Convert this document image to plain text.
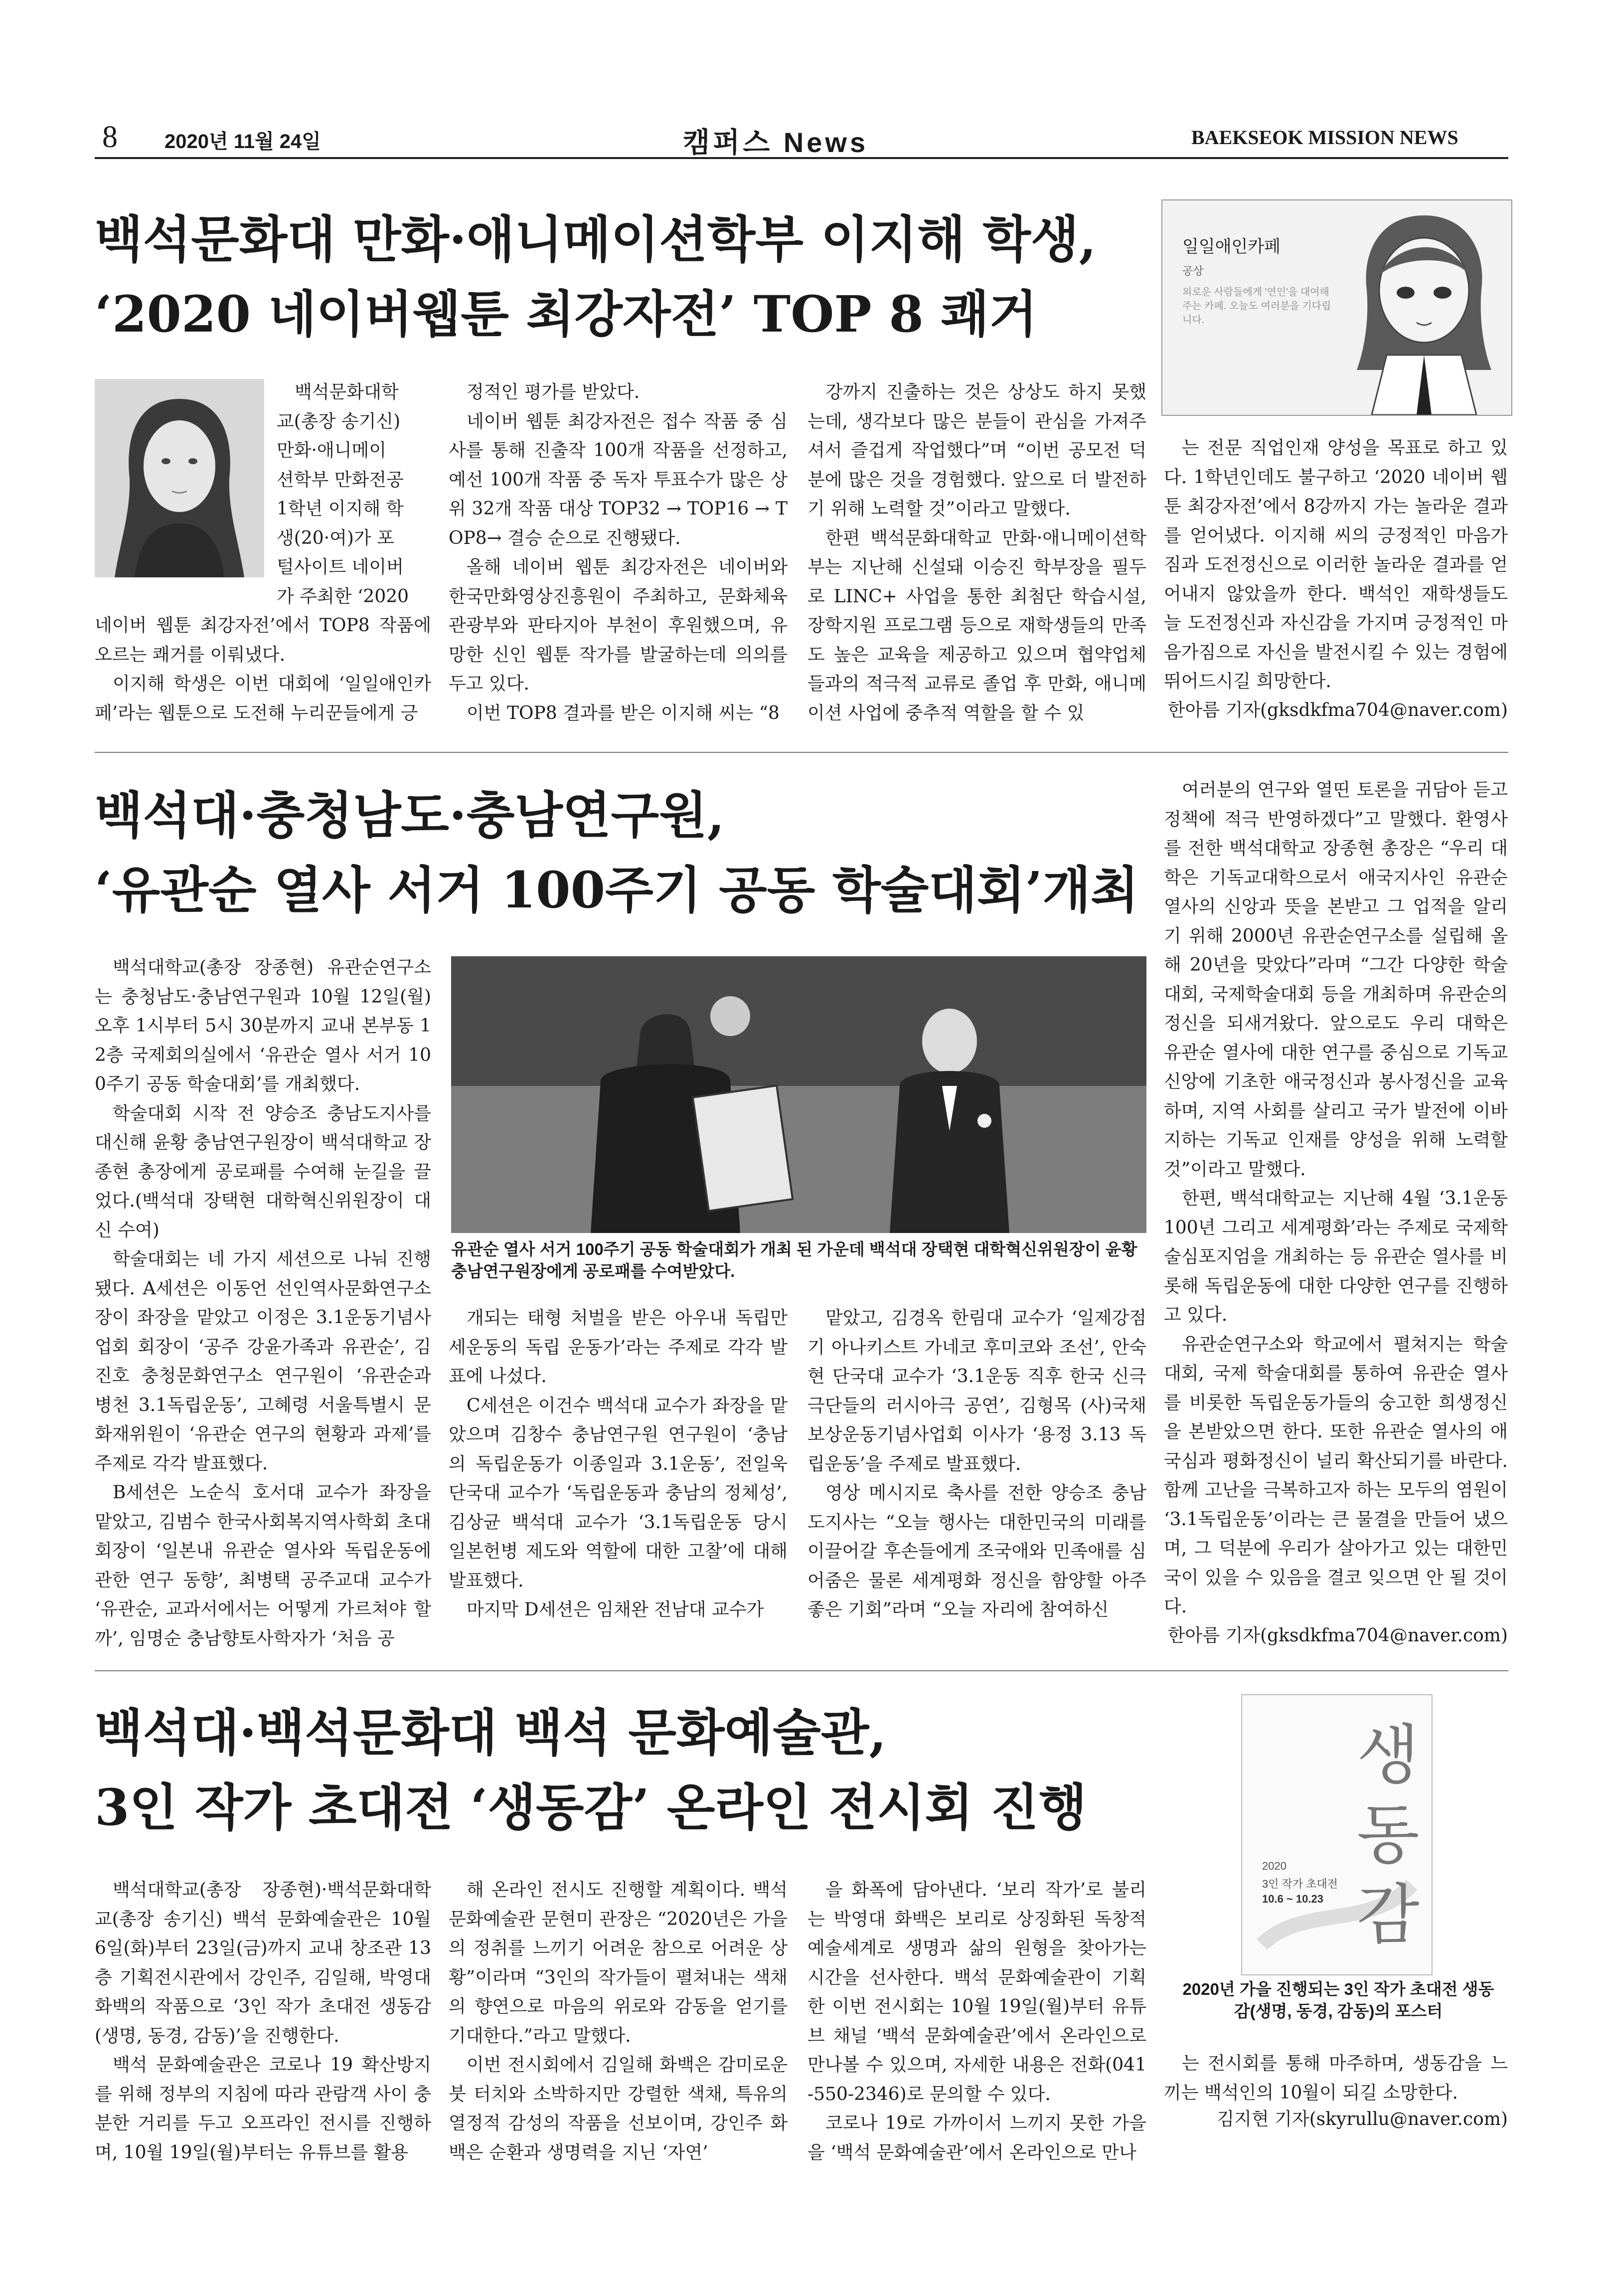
8 2020년 11월 24일	캠퍼스 News	BAEKSEOK MISSION NEWS
백석문화대 만화·애니메이션학부 이지해 학생,
‘2020 네이버웹툰 최강자전’ TOP 8 쾌거
일일애인카페
공상
외로운 사람들에게 '연인'을 대여해주는 카페. 오늘도 여러분을 기다립니다.
백석문화대학
교(총장 송기신)
만화·애니메이
션학부 만화전공
1학년 이지해 학
생(20·여)가 포
털사이트 네이버
가 주최한 ‘2020
네이버 웹툰 최강자전’에서 TOP8 작품에 오르는 쾌거를 이뤄냈다.

이지해 학생은 이번 대회에 ‘일일애인카페’라는 웹툰으로 도전해 누리꾼들에게 긍

정적인 평가를 받았다.

네이버 웹툰 최강자전은 접수 작품 중 심사를 통해 진출작 100개 작품을 선정하고, 예선 100개 작품 중 독자 투표수가 많은 상위 32개 작품 대상 TOP32 → TOP16 → TOP8→ 결승 순으로 진행됐다.

올해 네이버 웹툰 최강자전은 네이버와 한국만화영상진흥원이 주최하고, 문화체육관광부와 판타지아 부천이 후원했으며, 유망한 신인 웹툰 작가를 발굴하는데 의의를 두고 있다.

이번 TOP8 결과를 받은 이지해 씨는 “8

강까지 진출하는 것은 상상도 하지 못했는데, 생각보다 많은 분들이 관심을 가져주셔서 즐겁게 작업했다”며 “이번 공모전 덕분에 많은 것을 경험했다. 앞으로 더 발전하기 위해 노력할 것”이라고 말했다.

한편 백석문화대학교 만화·애니메이션학부는 지난해 신설돼 이승진 학부장을 필두로 LINC+ 사업을 통한 최첨단 학습시설, 장학지원 프로그램 등으로 재학생들의 만족도 높은 교육을 제공하고 있으며 협약업체들과의 적극적 교류로 졸업 후 만화, 애니메이션 사업에 중추적 역할을 할 수 있

는 전문 직업인재 양성을 목표로 하고 있다. 1학년인데도 불구하고 ‘2020 네이버 웹툰 최강자전’에서 8강까지 가는 놀라운 결과를 얻어냈다. 이지해 씨의 긍정적인 마음가짐과 도전정신으로 이러한 놀라운 결과를 얻어내지 않았을까 한다. 백석인 재학생들도 늘 도전정신과 자신감을 가지며 긍정적인 마음가짐으로 자신을 발전시킬 수 있는 경험에 뛰어드시길 희망한다.

한아름 기자(gksdkfma704@naver.com)
백석대·충청남도·충남연구원,
‘유관순 열사 서거 100주기 공동 학술대회’개최
유관순 열사 서거 100주기 공동 학술대회가 개최 된 가운데 백석대 장택현 대학혁신위원장이 윤황 충남연구원장에게 공로패를 수여받았다.

백석대학교(총장 장종현) 유관순연구소는 충청남도·충남연구원과 10월 12일(월) 오후 1시부터 5시 30분까지 교내 본부동 12층 국제회의실에서 ‘유관순 열사 서거 100주기 공동 학술대회’를 개최했다.

학술대회 시작 전 양승조 충남도지사를 대신해 윤황 충남연구원장이 백석대학교 장종현 총장에게 공로패를 수여해 눈길을 끌었다.(백석대 장택현 대학혁신위원장이 대신 수여)

학술대회는 네 가지 세션으로 나눠 진행됐다. A세션은 이동언 선인역사문화연구소장이 좌장을 맡았고 이정은 3.1운동기념사업회 회장이 ‘공주 강윤가족과 유관순’, 김진호 충청문화연구소 연구원이 ‘유관순과 병천 3.1독립운동’, 고혜령 서울특별시 문화재위원이 ‘유관순 연구의 현황과 과제’를 주제로 각각 발표했다.

B세션은 노순식 호서대 교수가 좌장을 맡았고, 김범수 한국사회복지역사학회 초대회장이 ‘일본내 유관순 열사와 독립운동에 관한 연구 동향’, 최병택 공주교대 교수가 ‘유관순, 교과서에서는 어떻게 가르쳐야 할까’, 임명순 충남향토사학자가 ‘처음 공

개되는 태형 처벌을 받은 아우내 독립만세운동의 독립 운동가’라는 주제로 각각 발표에 나섰다.

C세션은 이건수 백석대 교수가 좌장을 맡았으며 김창수 충남연구원 연구원이 ‘충남의 독립운동가 이종일과 3.1운동’, 전일욱 단국대 교수가 ‘독립운동과 충남의 정체성’, 김상균 백석대 교수가 ‘3.1독립운동 당시 일본헌병 제도와 역할에 대한 고찰’에 대해 발표했다.

마지막 D세션은 임채완 전남대 교수가

맡았고, 김경옥 한림대 교수가 ‘일제강점기 아나키스트 가네코 후미코와 조선’, 안숙현 단국대 교수가 ‘3.1운동 직후 한국 신극 극단들의 러시아극 공연’, 김형목 (사)국채보상운동기념사업회 이사가 ‘용정 3.13 독립운동’을 주제로 발표했다.

영상 메시지로 축사를 전한 양승조 충남도지사는 “오늘 행사는 대한민국의 미래를 이끌어갈 후손들에게 조국애와 민족애를 심어줌은 물론 세계평화 정신을 함양할 아주 좋은 기회”라며 “오늘 자리에 참여하신

여러분의 연구와 열띤 토론을 귀담아 듣고 정책에 적극 반영하겠다”고 말했다. 환영사를 전한 백석대학교 장종현 총장은 “우리 대학은 기독교대학으로서 애국지사인 유관순 열사의 신앙과 뜻을 본받고 그 업적을 알리기 위해 2000년 유관순연구소를 설립해 올해 20년을 맞았다”라며 “그간 다양한 학술대회, 국제학술대회 등을 개최하며 유관순의 정신을 되새겨왔다. 앞으로도 우리 대학은 유관순 열사에 대한 연구를 중심으로 기독교 신앙에 기초한 애국정신과 봉사정신을 교육하며, 지역 사회를 살리고 국가 발전에 이바지하는 기독교 인재를 양성을 위해 노력할 것”이라고 말했다.

한편, 백석대학교는 지난해 4월 ‘3.1운동 100년 그리고 세계평화’라는 주제로 국제학술심포지엄을 개최하는 등 유관순 열사를 비롯해 독립운동에 대한 다양한 연구를 진행하고 있다.

유관순연구소와 학교에서 펼쳐지는 학술대회, 국제 학술대회를 통하여 유관순 열사를 비롯한 독립운동가들의 숭고한 희생정신을 본받았으면 한다. 또한 유관순 열사의 애국심과 평화정신이 널리 확산되기를 바란다. 함께 고난을 극복하고자 하는 모두의 염원이 ‘3.1독립운동’이라는 큰 물결을 만들어 냈으며, 그 덕분에 우리가 살아가고 있는 대한민국이 있을 수 있음을 결코 잊으면 안 될 것이다.

한아름 기자(gksdkfma704@naver.com)
백석대·백석문화대 백석 문화예술관,
3인 작가 초대전 ‘생동감’ 온라인 전시회 진행
생동감
2020
3인 작가 초대전
10.6 ~ 10.23
2020년 가을 진행되는 3인 작가 초대전 생동감(생명, 동경, 감동)의 포스터

백석대학교(총장 장종현)·백석문화대학교(총장 송기신) 백석 문화예술관은 10월 6일(화)부터 23일(금)까지 교내 창조관 13층 기획전시관에서 강인주, 김일해, 박영대 화백의 작품으로 ‘3인 작가 초대전 생동감(생명, 동경, 감동)’을 진행한다.

백석 문화예술관은 코로나 19 확산방지를 위해 정부의 지침에 따라 관람객 사이 충분한 거리를 두고 오프라인 전시를 진행하며, 10월 19일(월)부터는 유튜브를 활용

해 온라인 전시도 진행할 계획이다. 백석 문화예술관 문현미 관장은 “2020년은 가을의 정취를 느끼기 어려운 참으로 어려운 상황”이라며 “3인의 작가들이 펼쳐내는 색채의 향연으로 마음의 위로와 감동을 얻기를 기대한다.”라고 말했다.

이번 전시회에서 김일해 화백은 감미로운 붓 터치와 소박하지만 강렬한 색채, 특유의 열정적 감성의 작품을 선보이며, 강인주 화백은 순환과 생명력을 지닌 ‘자연’

을 화폭에 담아낸다. ‘보리 작가’로 불리는 박영대 화백은 보리로 상징화된 독창적 예술세계로 생명과 삶의 원형을 찾아가는 시간을 선사한다. 백석 문화예술관이 기획한 이번 전시회는 10월 19일(월)부터 유튜브 채널 ‘백석 문화예술관’에서 온라인으로 만나볼 수 있으며, 자세한 내용은 전화(041-550-2346)로 문의할 수 있다.

코로나 19로 가까이서 느끼지 못한 가을을 ‘백석 문화예술관’에서 온라인으로 만나

는 전시회를 통해 마주하며, 생동감을 느끼는 백석인의 10월이 되길 소망한다.

김지현 기자(skyrullu@naver.com)
